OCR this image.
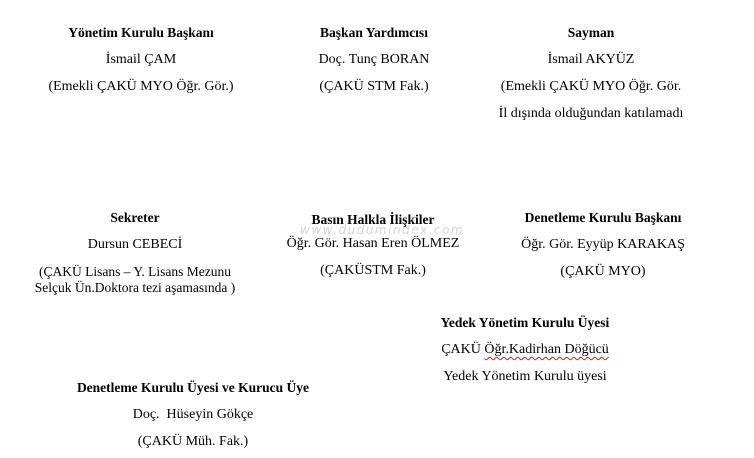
Yönetim Kurulu Başkanı
İsmail ÇAM
(Emekli ÇAKÜ MYO Öğr. Gör.)
Başkan Yardımcısı
Doç. Tunç BORAN
(ÇAKÜ STM Fak.)
Sayman
İsmail AKYÜZ
(Emekli ÇAKÜ MYO Öğr. Gör.
İl dışında olduğundan katılamadı
Sekreter
Dursun CEBECİ
(ÇAKÜ Lisans – Y. Lisans Mezunu
Selçuk Ün.Doktora tezi aşamasında )
Basın Halkla İlişkiler
Öğr. Gör. Hasan Eren ÖLMEZ
(ÇAKÜSTM Fak.)
Denetleme Kurulu Başkanı
Öğr. Gör. Eyyüp KARAKAŞ
(ÇAKÜ MYO)
Yedek Yönetim Kurulu Üyesi
ÇAKÜ Öğr.Kadirhan Döğücü
Yedek Yönetim Kurulu üyesi
Denetleme Kurulu Üyesi ve Kurucu Üye
Doç.  Hüseyin Gökçe
(ÇAKÜ Müh. Fak.)
www.dudumindex.com
